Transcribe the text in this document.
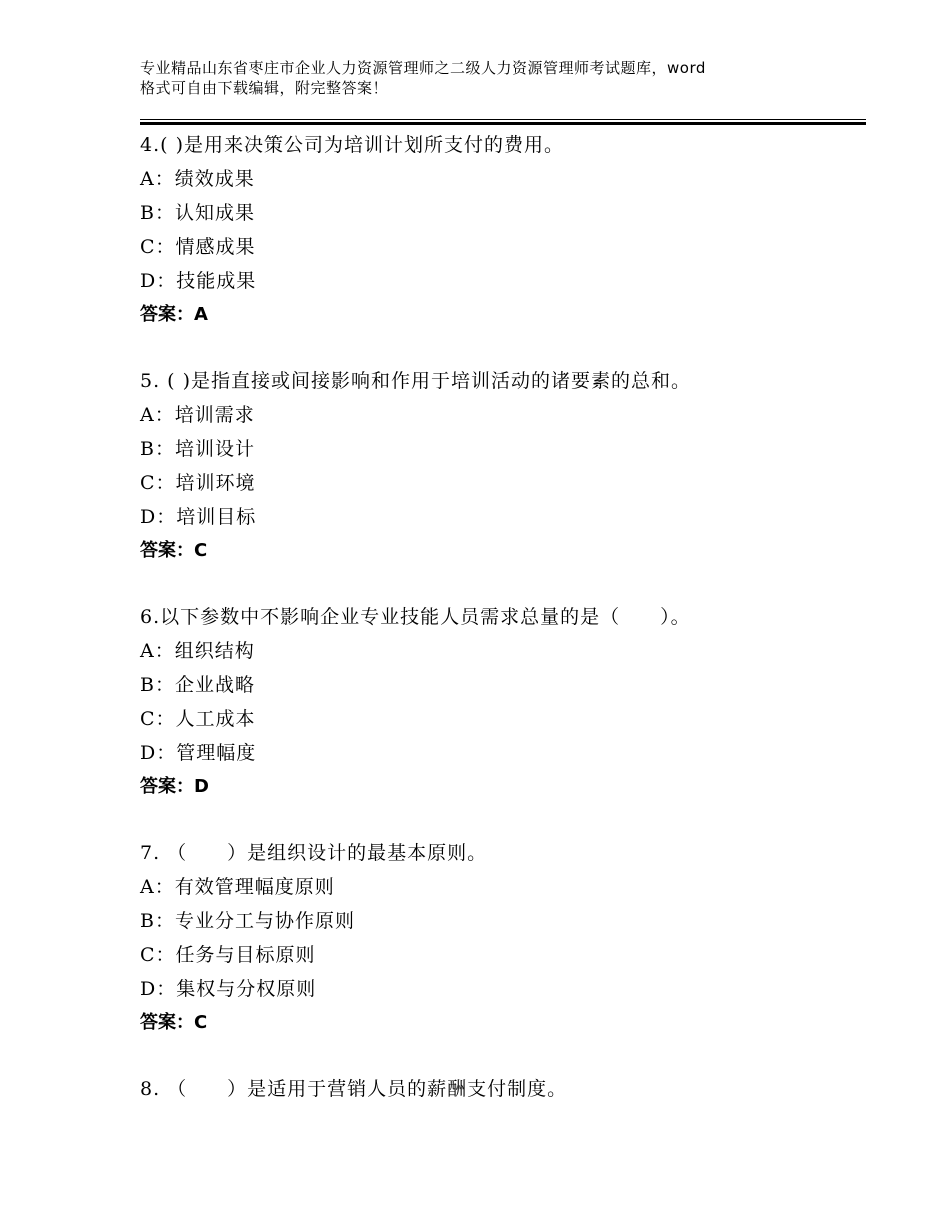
专业精品山东省枣庄市企业人力资源管理师之二级人力资源管理师考试题库，word
格式可自由下载编辑，附完整答案！
4.( )是用来决策公司为培训计划所支付的费用。
A：绩效成果
B：认知成果
C：情感成果
D：技能成果
答案：A
5. ( )是指直接或间接影响和作用于培训活动的诸要素的总和。
A：培训需求
B：培训设计
C：培训环境
D：培训目标
答案：C
6.以下参数中不影响企业专业技能人员需求总量的是（　　）。
A：组织结构
B：企业战略
C：人工成本
D：管理幅度
答案：D
7. （　　）是组织设计的最基本原则。
A：有效管理幅度原则
B：专业分工与协作原则
C：任务与目标原则
D：集权与分权原则
答案：C
8. （　　）是适用于营销人员的薪酬支付制度。
